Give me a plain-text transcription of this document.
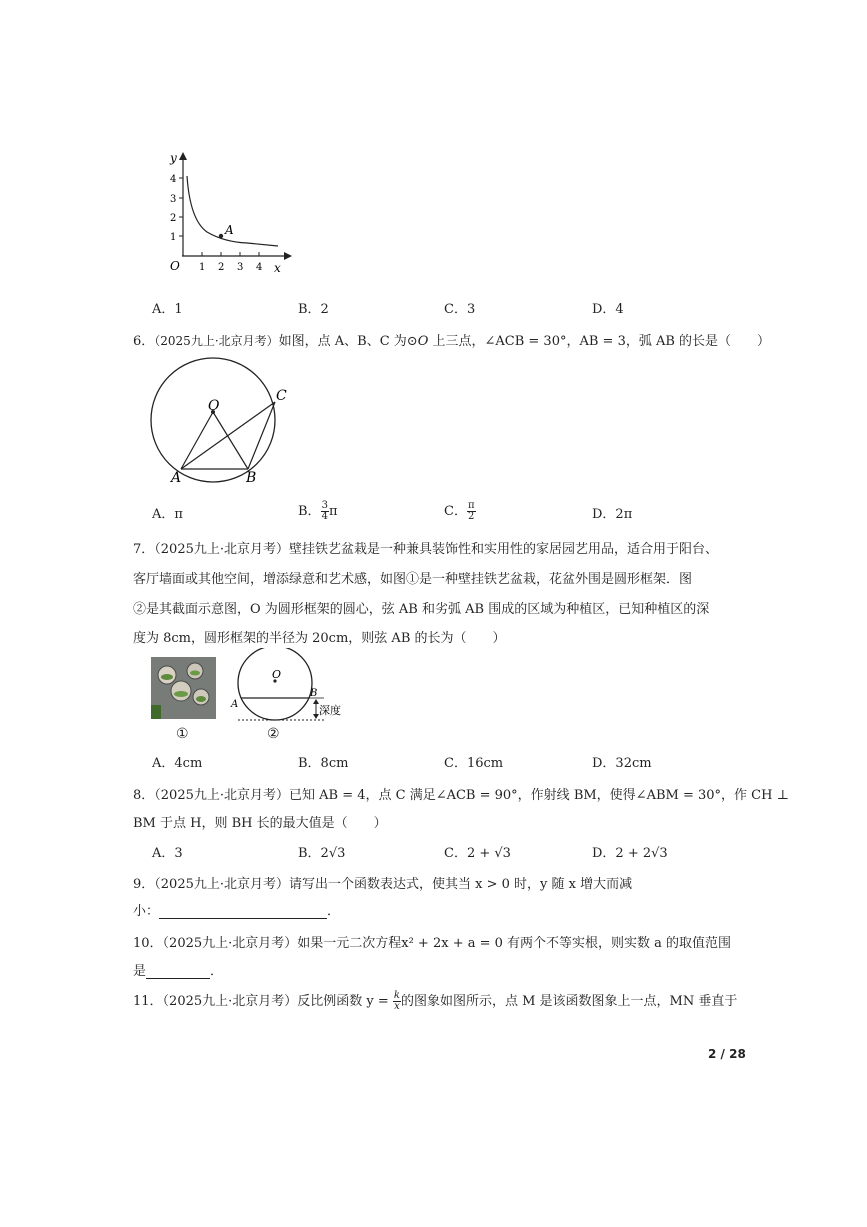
y
x
O
A
1
2
3
4
1 2 3 4
A．1	B．2	C．3	D．4
6．（2025九上·北京月考）如图，点 A、B、C 为⊙O 上三点，∠ACB = 30°，AB = 3，弧 AB 的长是（　　）
O
A	B
C
A．π	B． $\frac{3}{4}$ π	C． $\frac{\pi}{2}$	D．2π
7．（2025九上·北京月考）壁挂铁艺盆栽是一种兼具装饰性和实用性的家居园艺用品，适合用于阳台、
客厅墙面或其他空间，增添绿意和艺术感，如图①是一种壁挂铁艺盆栽，花盆外围是圆形框架．图
②是其截面示意图，O 为圆形框架的圆心，弦 AB 和劣弧 AB 围成的区域为种植区，已知种植区的深
度为 8cm，圆形框架的半径为 20cm，则弦 AB 的长为（　　）
①
O
A
B
深度
②
A．4cm	B．8cm	C．16cm	D．32cm
8．（2025九上·北京月考）已知 AB = 4，点 C 满足∠ACB = 90°，作射线 BM，使得∠ABM = 30°，作 CH ⊥
BM 于点 H，则 BH 长的最大值是（　　）
A．3	B．2√3	C．2 + √3	D．2 + 2√3
9．（2025九上·北京月考）请写出一个函数表达式，使其当 x > 0 时，y 随 x 增大而减
小：	．
10．（2025九上·北京月考）如果一元二次方程x² + 2x + a = 0 有两个不等实根，则实数 a 的取值范围
是	．
11．（2025九上·北京月考）反比例函数 $y = \frac{k}{x}$ 的图象如图所示，点 M 是该函数图象上一点，MN 垂直于
2 / 28
